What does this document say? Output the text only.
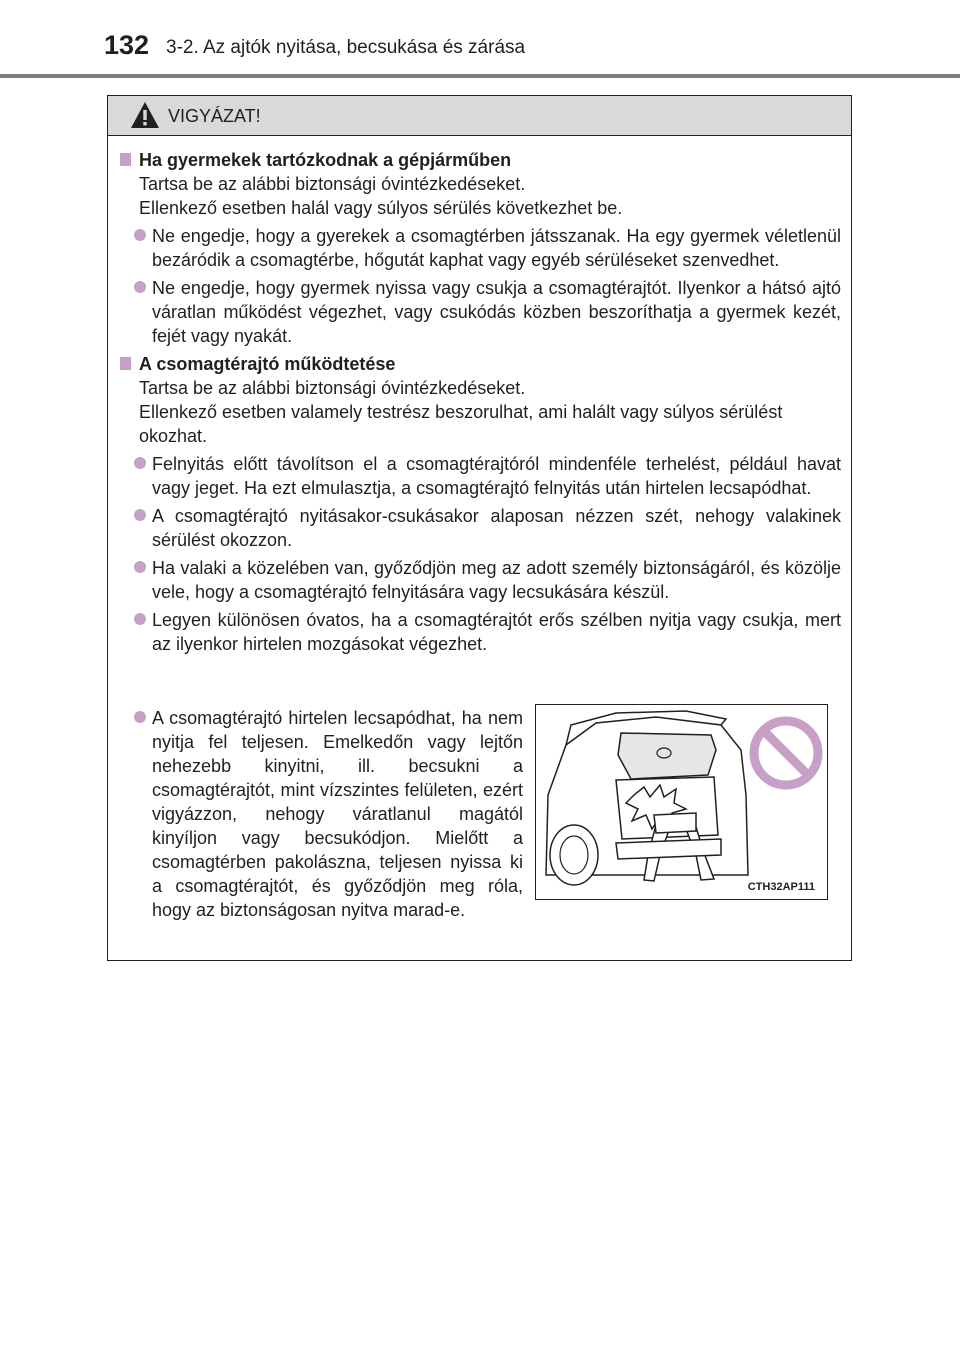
132 3-2. Az ajtók nyitása, becsukása és zárása
VIGYÁZAT!
Ha gyermekek tartózkodnak a gépjárműben
Tartsa be az alábbi biztonsági óvintézkedéseket.
Ellenkező esetben halál vagy súlyos sérülés következhet be.
Ne engedje, hogy a gyerekek a csomagtérben játsszanak. Ha egy gyermek véletlenül bezáródik a csomagtérbe, hőgutát kaphat vagy egyéb sérüléseket szenvedhet.
Ne engedje, hogy gyermek nyissa vagy csukja a csomagtérajtót. Ilyenkor a hátsó ajtó váratlan működést végezhet, vagy csukódás közben beszoríthatja a gyermek kezét, fejét vagy nyakát.
A csomagtérajtó működtetése
Tartsa be az alábbi biztonsági óvintézkedéseket.
Ellenkező esetben valamely testrész beszorulhat, ami halált vagy súlyos sérülést okozhat.
Felnyitás előtt távolítson el a csomagtérajtóról mindenféle terhelést, például havat vagy jeget. Ha ezt elmulasztja, a csomagtérajtó felnyitás után hirtelen lecsapódhat.
A csomagtérajtó nyitásakor-csukásakor alaposan nézzen szét, nehogy valakinek sérülést okozzon.
Ha valaki a közelében van, győződjön meg az adott személy biztonságáról, és közölje vele, hogy a csomagtérajtó felnyitására vagy lecsukására készül.
Legyen különösen óvatos, ha a csomagtérajtót erős szélben nyitja vagy csukja, mert az ilyenkor hirtelen mozgásokat végezhet.
A csomagtérajtó hirtelen lecsapódhat, ha nem nyitja fel teljesen. Emelkedőn vagy lejtőn nehezebb kinyitni, ill. becsukni a csomagtérajtót, mint vízszintes felületen, ezért vigyázzon, nehogy váratlanul magától kinyíljon vagy becsukódjon. Mielőtt a csomagtérben pakolászna, teljesen nyissa ki a csomagtérajtót, és győződjön meg róla, hogy az biztonságosan nyitva marad-e.
CTH32AP111
